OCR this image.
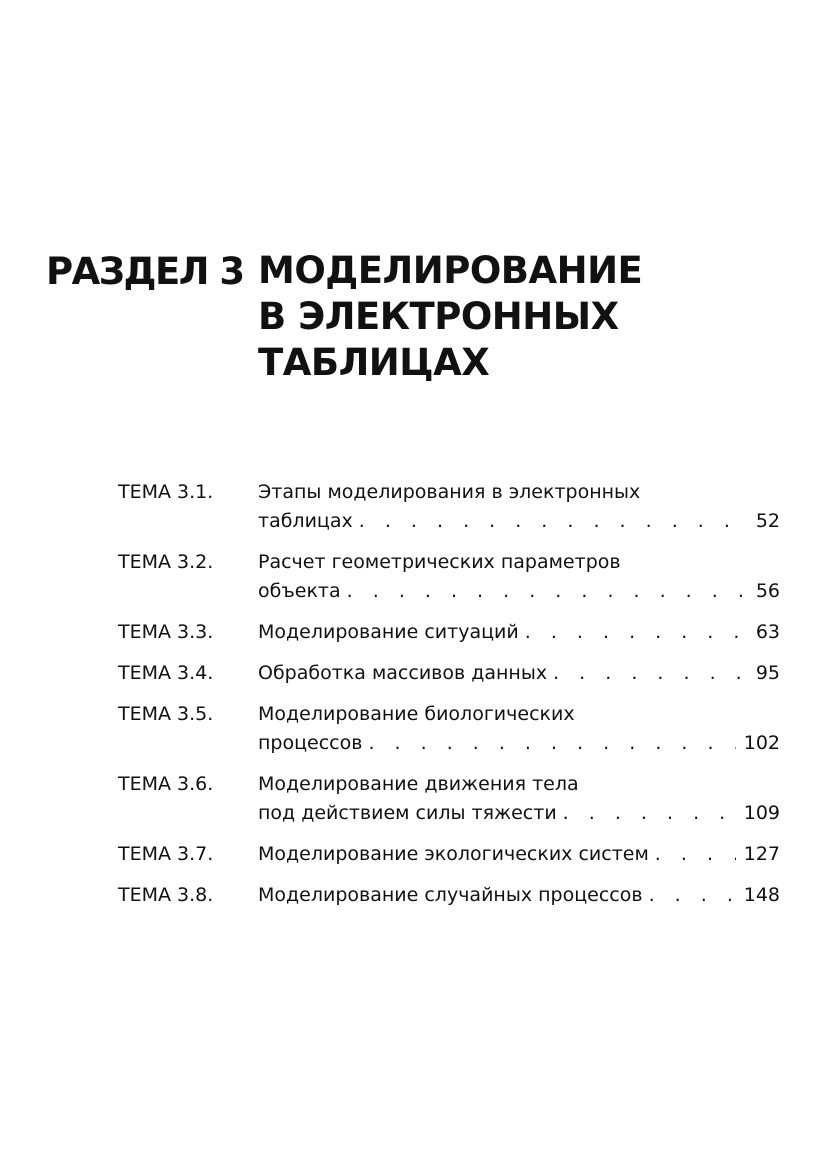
РАЗДЕЛ 3 МОДЕЛИРОВАНИЕ
В ЭЛЕКТРОННЫХ
ТАБЛИЦАХ
ТЕМА 3.1. Этапы моделирования в электронных
таблицах . . .	52
ТЕМА 3.2. Расчет геометрических параметров
объекта . . .	56
ТЕМА 3.3. Моделирование ситуаций . . .	63
ТЕМА 3.4. Обработка массивов данных . . .	95
ТЕМА 3.5. Моделирование биологических
процессов . . .	102
ТЕМА 3.6. Моделирование движения тела
под действием силы тяжести . . .	109
ТЕМА 3.7. Моделирование экологических систем . . .	127
ТЕМА 3.8. Моделирование случайных процессов . . .	148
